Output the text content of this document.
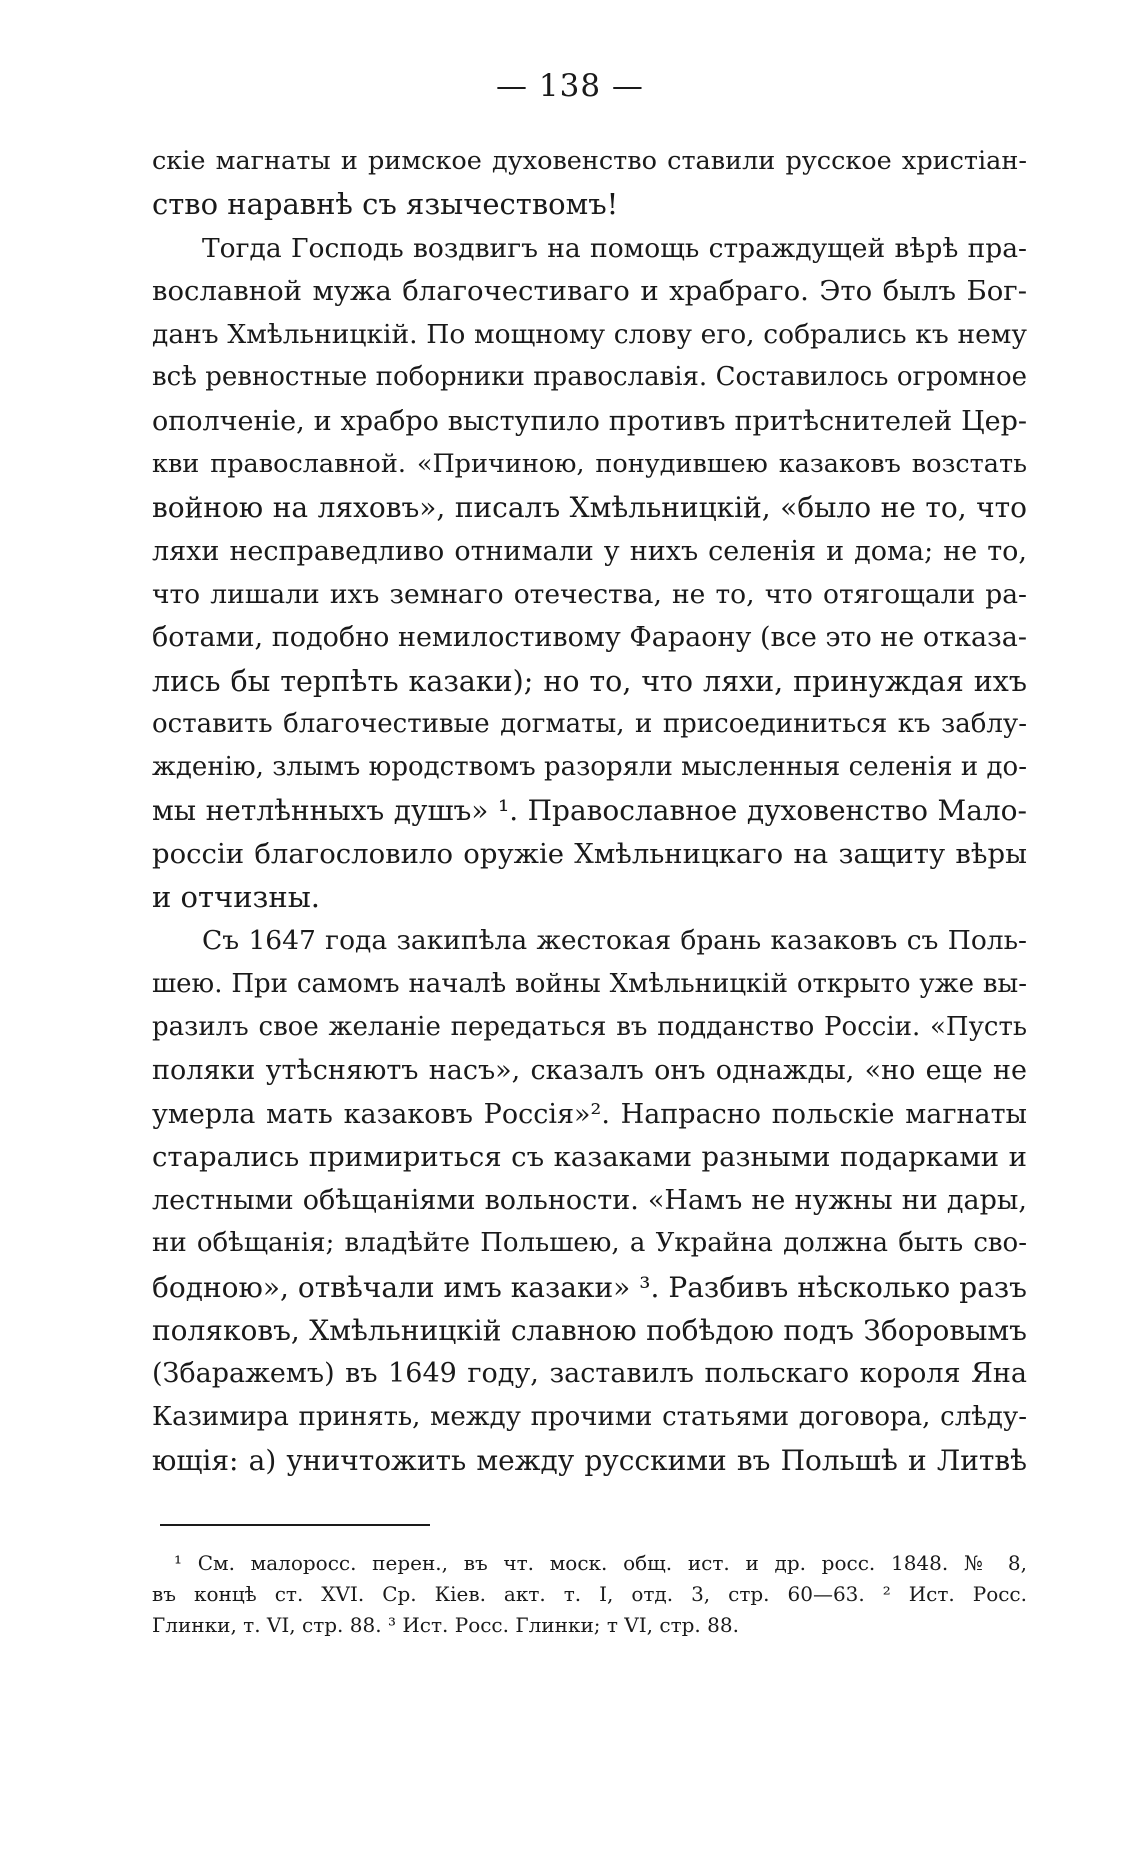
— 138 —
скіе магнаты и римское духовенство ставили русское христіан-
ство наравнѣ съ язычествомъ!
Тогда Господь воздвигъ на помощь страждущей вѣрѣ пра-
вославной мужа благочестиваго и храбраго. Это былъ Бог-
данъ Хмѣльницкій. По мощному слову его, собрались къ нему
всѣ ревностные поборники православія. Составилось огромное
ополченіе, и храбро выступило противъ притѣснителей Цер-
кви православной. «Причиною, понудившею казаковъ возстать
войною на ляховъ», писалъ Хмѣльницкій, «было не то, что
ляхи несправедливо отнимали у нихъ селенія и дома; не то,
что лишали ихъ земнаго отечества, не то, что отягощали ра-
ботами, подобно немилостивому Фараону (все это не отказа-
лись бы терпѣть казаки); но то, что ляхи, принуждая ихъ
оставить благочестивые догматы, и присоединиться къ заблу-
жденію, злымъ юродствомъ разоряли мысленныя селенія и до-
мы нетлѣнныхъ душъ» ¹. Православное духовенство Мало-
россіи благословило оружіе Хмѣльницкаго на защиту вѣры
и отчизны.
Съ 1647 года закипѣла жестокая брань казаковъ съ Поль-
шею. При самомъ началѣ войны Хмѣльницкій открыто уже вы-
разилъ свое желаніе передаться въ подданство Россіи. «Пусть
поляки утѣсняютъ насъ», сказалъ онъ однажды, «но еще не
умерла мать казаковъ Россія»². Напрасно польскіе магнаты
старались примириться съ казаками разными подарками и
лестными обѣщаніями вольности. «Намъ не нужны ни дары,
ни обѣщанія; владѣйте Польшею, а Украйна должна быть сво-
бодною», отвѣчали имъ казаки» ³. Разбивъ нѣсколько разъ
поляковъ, Хмѣльницкій славною побѣдою подъ Зборовымъ
(Збаражемъ) въ 1649 году, заставилъ польскаго короля Яна
Казимира принять, между прочими статьями договора, слѣду-
ющія: а) уничтожить между русскими въ Польшѣ и Литвѣ
¹ См. малоросс. перен., въ чт. моск. общ. ист. и др. росс. 1848. № 8,
въ концѣ ст. XVI. Ср. Кіев. акт. т. I, отд. 3, стр. 60—63. ² Ист. Росс.
Глинки, т. VI, стр. 88. ³ Ист. Росс. Глинки; т VI, стр. 88.
